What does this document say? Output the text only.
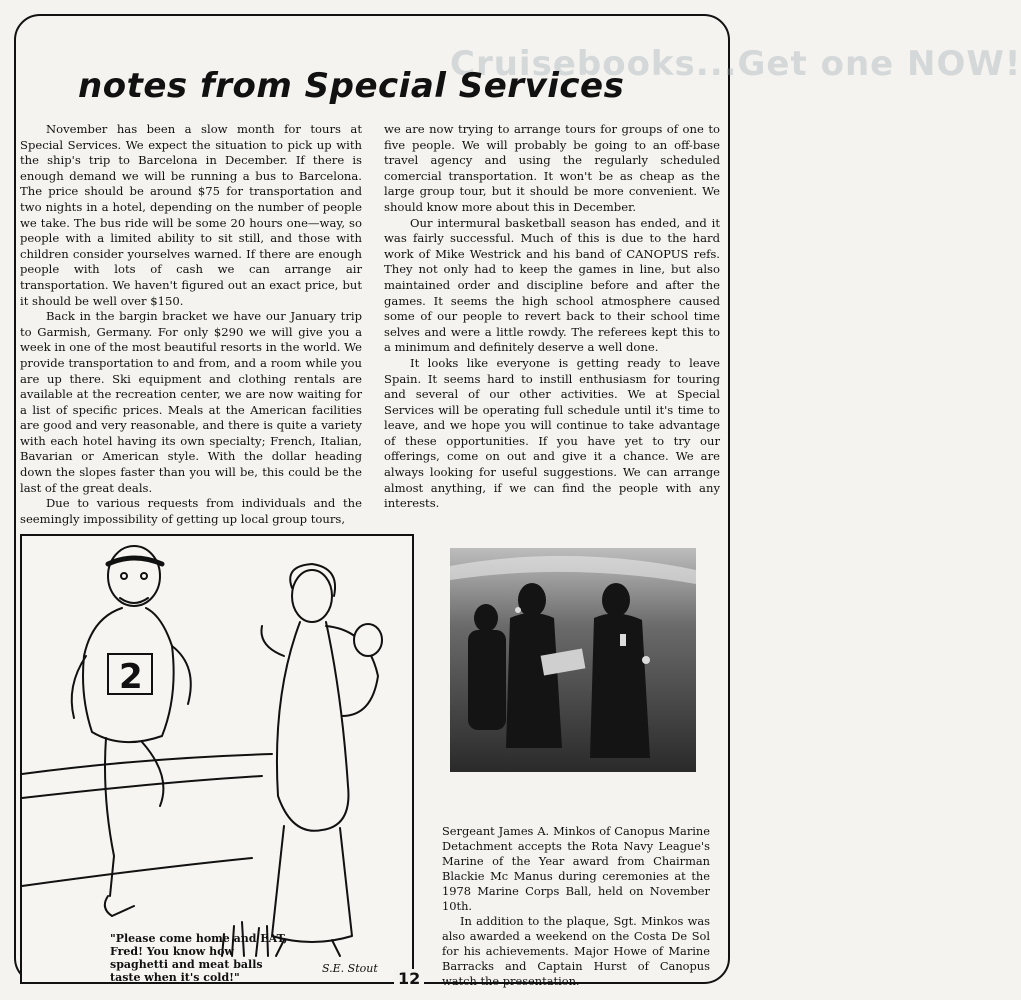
Cruisebooks...Get one NOW!
notes from Special Services

November has been a slow month for tours at Special Services. We expect the situation to pick up with the ship's trip to Barcelona in December. If there is enough demand we will be running a bus to Barcelona. The price should be around $75 for transportation and two nights in a hotel, depending on the number of people we take. The bus ride will be some 20 hours one—way, so people with a limited ability to sit still, and those with children consider yourselves warned. If there are enough people with lots of cash we can arrange air transportation. We haven't figured out an exact price, but it should be well over $150.

Back in the bargin bracket we have our January trip to Garmish, Germany. For only $290 we will give you a week in one of the most beautiful resorts in the world. We provide transportation to and from, and a room while you are up there. Ski equipment and clothing rentals are available at the recreation center, we are now waiting for a list of specific prices. Meals at the American facilities are good and very reasonable, and there is quite a variety with each hotel having its own specialty; French, Italian, Bavarian or American style. With the dollar heading down the slopes faster than you will be, this could be the last of the great deals.

Due to various requests from individuals and the seemingly impossibility of getting up local group tours,

we are now trying to arrange tours for groups of one to five people. We will probably be going to an off-base travel agency and using the regularly scheduled comercial transportation. It won't be as cheap as the large group tour, but it should be more convenient. We should know more about this in December.

Our intermural basketball season has ended, and it was fairly successful. Much of this is due to the hard work of Mike Westrick and his band of CANOPUS refs. They not only had to keep the games in line, but also maintained order and discipline before and after the games. It seems the high school atmosphere caused some of our people to revert back to their school time selves and were a little rowdy. The referees kept this to a minimum and definitely deserve a well done.

It looks like everyone is getting ready to leave Spain. It seems hard to instill enthusiasm for touring and several of our other activities. We at Special Services will be operating full schedule until it's time to leave, and we hope you will continue to take advantage of these opportunities. If you have yet to try our offerings, come on out and give it a chance. We are always looking for useful suggestions. We can arrange almost anything, if we can find the people with any interests.

2
"Please come home and EAT, Fred! You know how spaghetti and meat balls taste when it's cold!"
S.E. Stout

Sergeant James A. Minkos of Canopus Marine Detachment accepts the Rota Navy League's Marine of the Year award from Chairman Blackie Mc Manus during ceremonies at the 1978 Marine Corps Ball, held on November 10th.

In addition to the plaque, Sgt. Minkos was also awarded a weekend on the Costa De Sol for his achievements. Major Howe of Marine Barracks and Captain Hurst of Canopus watch the presentation.

12
